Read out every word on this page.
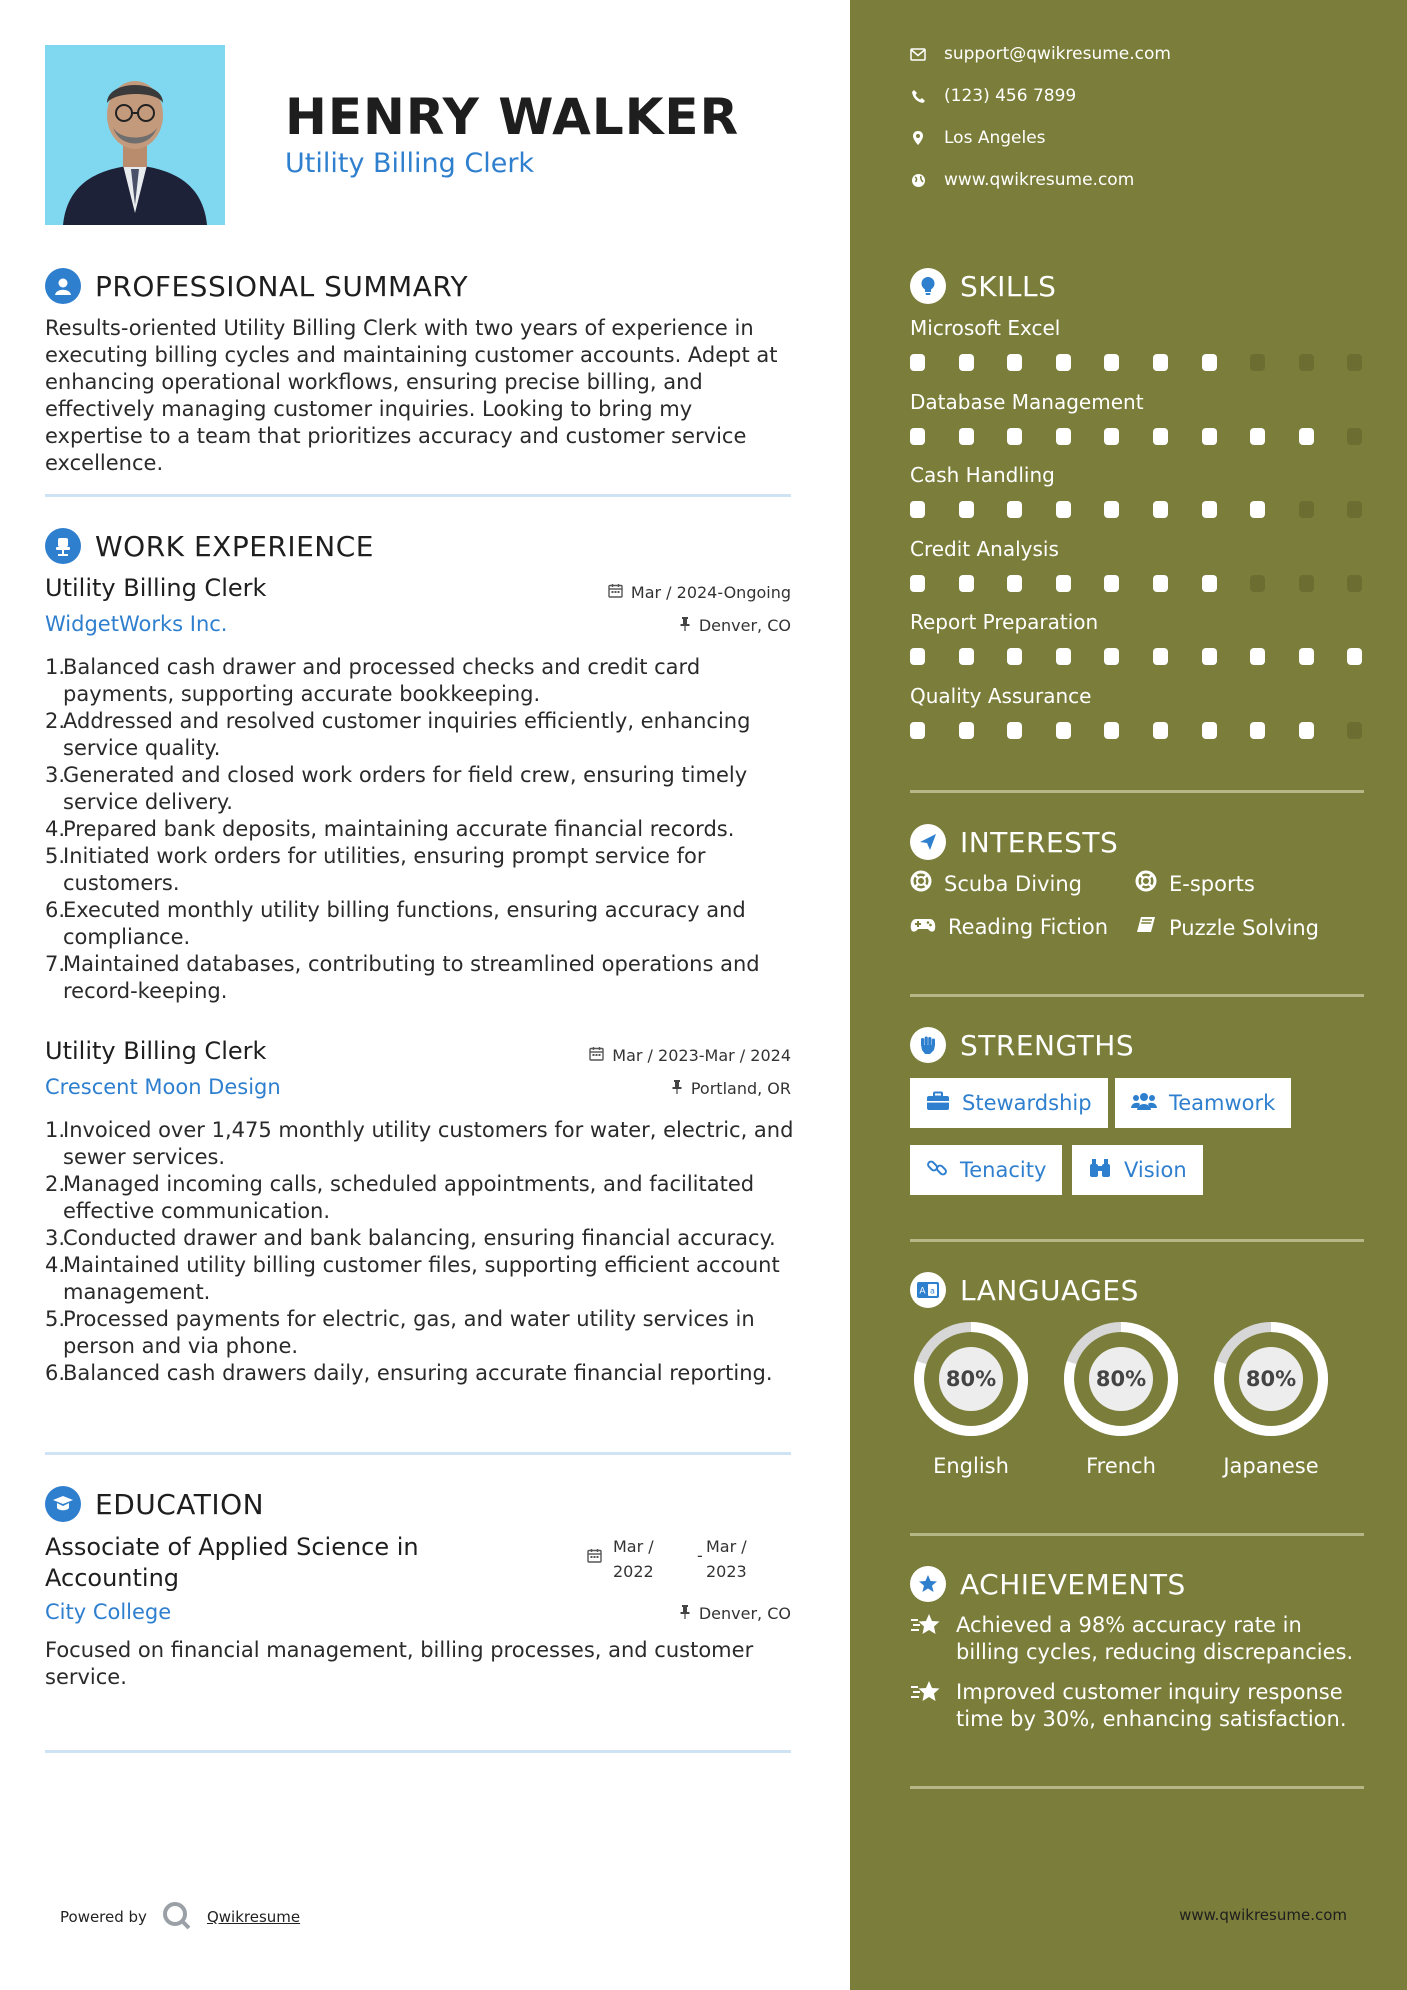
HENRY WALKER
Utility Billing Clerk
PROFESSIONAL SUMMARY
Results-oriented Utility Billing Clerk with two years of experience in executing billing cycles and maintaining customer accounts. Adept at enhancing operational workflows, ensuring precise billing, and effectively managing customer inquiries. Looking to bring my expertise to a team that prioritizes accuracy and customer service excellence.
WORK EXPERIENCE
Utility Billing Clerk	Mar / 2024-Ongoing
WidgetWorks Inc.	Denver, CO
1.
Balanced cash drawer and processed checks and credit card payments, supporting accurate bookkeeping.
2.
Addressed and resolved customer inquiries efficiently, enhancing service quality.
3.
Generated and closed work orders for field crew, ensuring timely service delivery.
4.
Prepared bank deposits, maintaining accurate financial records.
5.
Initiated work orders for utilities, ensuring prompt service for customers.
6.
Executed monthly utility billing functions, ensuring accuracy and compliance.
7.
Maintained databases, contributing to streamlined operations and record-keeping.
Utility Billing Clerk	Mar / 2023-Mar / 2024
Crescent Moon Design	Portland, OR
1.
Invoiced over 1,475 monthly utility customers for water, electric, and sewer services.
2.
Managed incoming calls, scheduled appointments, and facilitated effective communication.
3.
Conducted drawer and bank balancing, ensuring financial accuracy.
4.
Maintained utility billing customer files, supporting efficient account management.
5.
Processed payments for electric, gas, and water utility services in person and via phone.
6.
Balanced cash drawers daily, ensuring accurate financial reporting.
EDUCATION
Associate of Applied Science in
Accounting
Mar /
2022
- Mar /
2023
City College	Denver, CO
Focused on financial management, billing processes, and customer service.
Powered by	Qwikresume
support@qwikresume.com
(123) 456 7899
Los Angeles
www.qwikresume.com
SKILLS
Microsoft Excel
Database Management
Cash Handling
Credit Analysis
Report Preparation
Quality Assurance
INTERESTS
Scuba Diving	E-sports
Reading Fiction	Puzzle Solving
STRENGTHS
Stewardship	Teamwork
Tenacity	Vision
A a LANGUAGES
80%
English
80%
French
80%
Japanese
ACHIEVEMENTS
Achieved a 98% accuracy rate in billing cycles, reducing discrepancies.
Improved customer inquiry response time by 30%, enhancing satisfaction.
www.qwikresume.com
